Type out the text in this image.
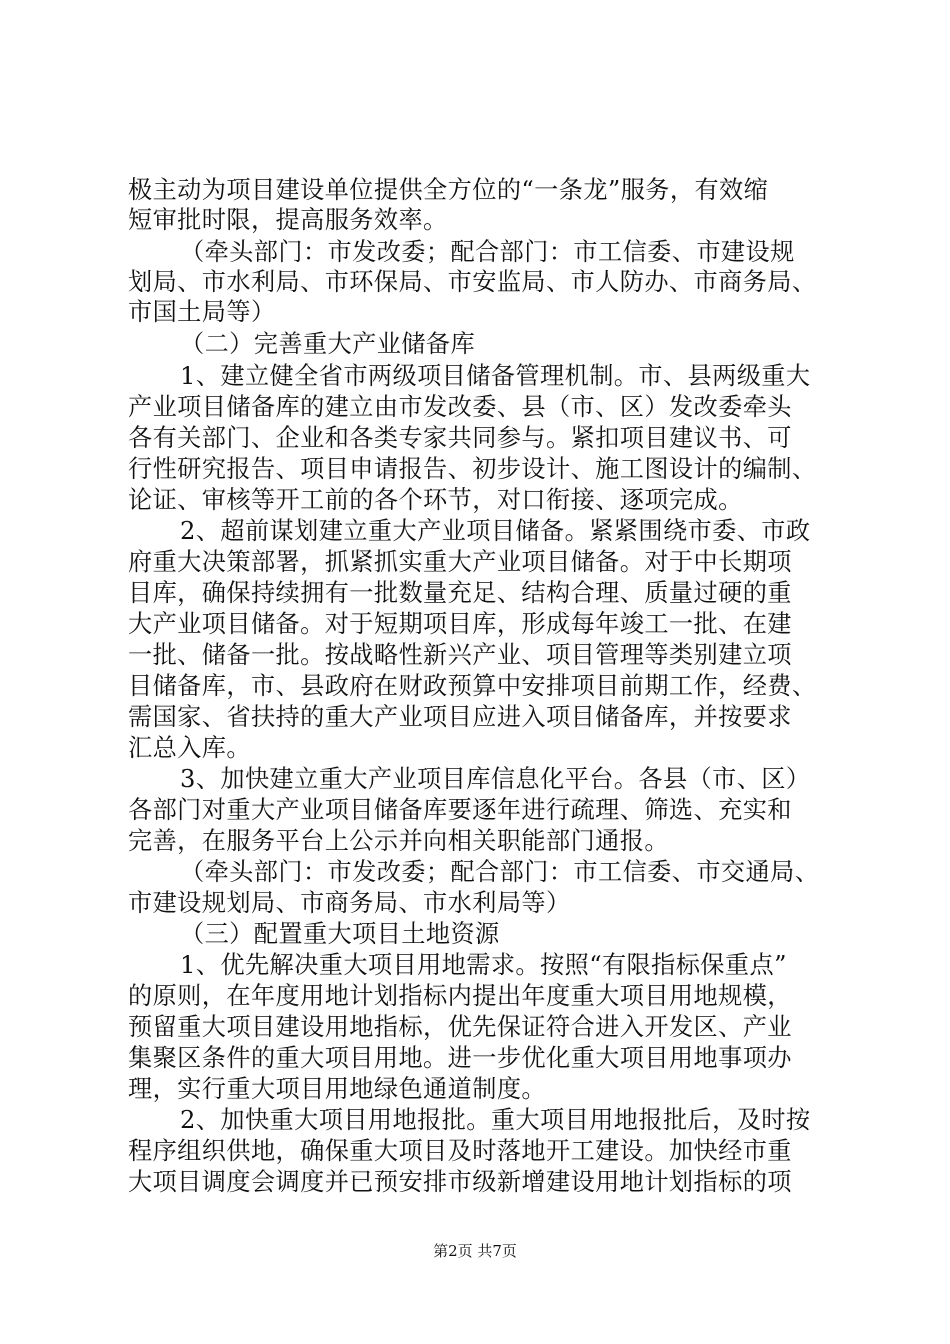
极主动为项目建设单位提供全方位的“一条龙”服务，有效缩
短审批时限，提高服务效率。
（牵头部门：市发改委；配合部门：市工信委、市建设规
划局、市水利局、市环保局、市安监局、市人防办、市商务局、
市国土局等）
（二）完善重大产业储备库
1、建立健全省市两级项目储备管理机制。市、县两级重大
产业项目储备库的建立由市发改委、县（市、区）发改委牵头
各有关部门、企业和各类专家共同参与。紧扣项目建议书、可
行性研究报告、项目申请报告、初步设计、施工图设计的编制、
论证、审核等开工前的各个环节，对口衔接、逐项完成。
2、超前谋划建立重大产业项目储备。紧紧围绕市委、市政
府重大决策部署，抓紧抓实重大产业项目储备。对于中长期项
目库，确保持续拥有一批数量充足、结构合理、质量过硬的重
大产业项目储备。对于短期项目库，形成每年竣工一批、在建
一批、储备一批。按战略性新兴产业、项目管理等类别建立项
目储备库，市、县政府在财政预算中安排项目前期工作，经费、
需国家、省扶持的重大产业项目应进入项目储备库，并按要求
汇总入库。
3、加快建立重大产业项目库信息化平台。各县（市、区）
各部门对重大产业项目储备库要逐年进行疏理、筛选、充实和
完善，在服务平台上公示并向相关职能部门通报。
（牵头部门：市发改委；配合部门：市工信委、市交通局、
市建设规划局、市商务局、市水利局等）
（三）配置重大项目土地资源
1、优先解决重大项目用地需求。按照“有限指标保重点”
的原则，在年度用地计划指标内提出年度重大项目用地规模，
预留重大项目建设用地指标，优先保证符合进入开发区、产业
集聚区条件的重大项目用地。进一步优化重大项目用地事项办
理，实行重大项目用地绿色通道制度。
2、加快重大项目用地报批。重大项目用地报批后，及时按
程序组织供地，确保重大项目及时落地开工建设。加快经市重
大项目调度会调度并已预安排市级新增建设用地计划指标的项
第2页 共7页
